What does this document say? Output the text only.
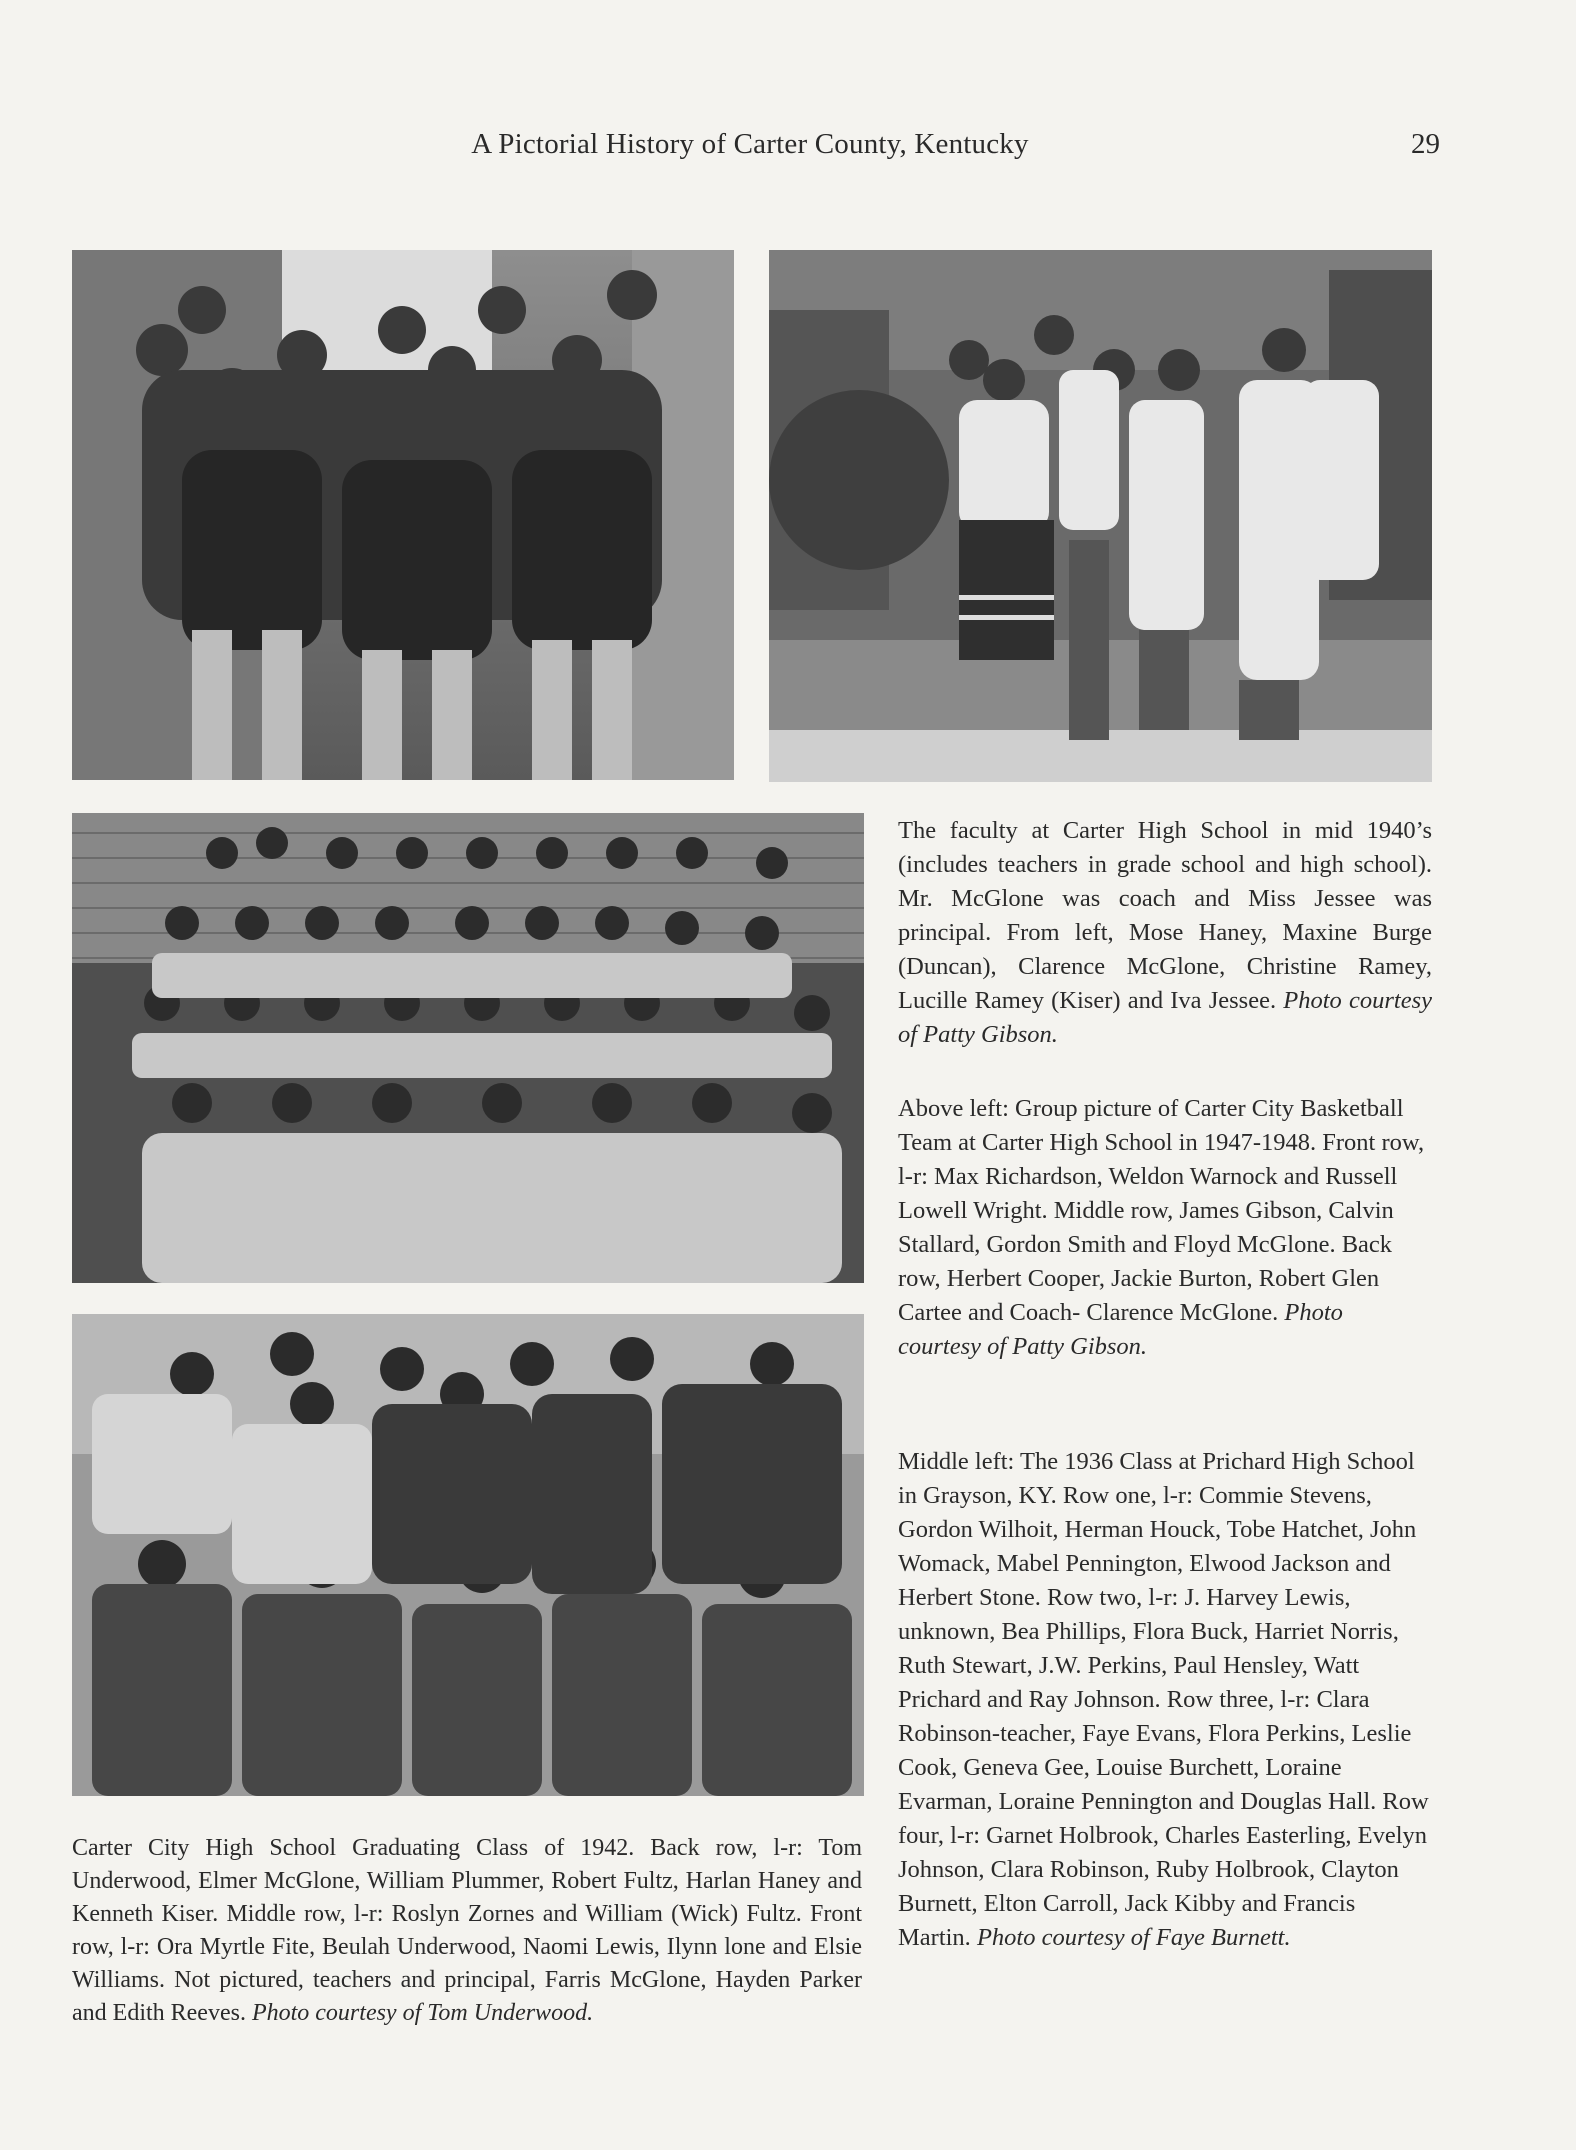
A Pictorial History of Carter County, Kentucky	29

The faculty at Carter High School in mid 1940’s (includes teachers in grade school and high school). Mr. McGlone was coach and Miss Jessee was principal. From left, Mose Haney, Maxine Burge (Duncan), Clarence McGlone, Christine Ramey, Lucille Ramey (Kiser) and Iva Jessee. Photo courtesy of Patty Gibson.

Above left: Group picture of Carter City Basketball Team at Carter High School in 1947-1948. Front row, l-r: Max Richardson, Weldon Warnock and Russell Lowell Wright. Middle row, James Gibson, Calvin Stallard, Gordon Smith and Floyd McGlone. Back row, Herbert Cooper, Jackie Burton, Robert Glen Cartee and Coach- Clarence McGlone. Photo courtesy of Patty Gibson.

Middle left: The 1936 Class at Prichard High School in Grayson, KY. Row one, l-r: Commie Stevens, Gordon Wilhoit, Herman Houck, Tobe Hatchet, John Womack, Mabel Pennington, Elwood Jackson and Herbert Stone. Row two, l-r: J. Harvey Lewis, unknown, Bea Phillips, Flora Buck, Harriet Norris, Ruth Stewart, J.W. Perkins, Paul Hensley, Watt Prichard and Ray Johnson. Row three, l-r: Clara Robinson-teacher, Faye Evans, Flora Perkins, Leslie Cook, Geneva Gee, Louise Burchett, Loraine Evarman, Loraine Pennington and Douglas Hall. Row four, l-r: Garnet Holbrook, Charles Easterling, Evelyn Johnson, Clara Robinson, Ruby Holbrook, Clayton Burnett, Elton Carroll, Jack Kibby and Francis Martin. Photo courtesy of Faye Burnett.

Carter City High School Graduating Class of 1942. Back row, l-r: Tom Underwood, Elmer McGlone, William Plummer, Robert Fultz, Harlan Haney and Kenneth Kiser. Middle row, l-r: Roslyn Zornes and William (Wick) Fultz. Front row, l-r: Ora Myrtle Fite, Beulah Underwood, Naomi Lewis, Ilynn lone and Elsie Williams. Not pictured, teachers and principal, Farris McGlone, Hayden Parker and Edith Reeves. Photo courtesy of Tom Underwood.
